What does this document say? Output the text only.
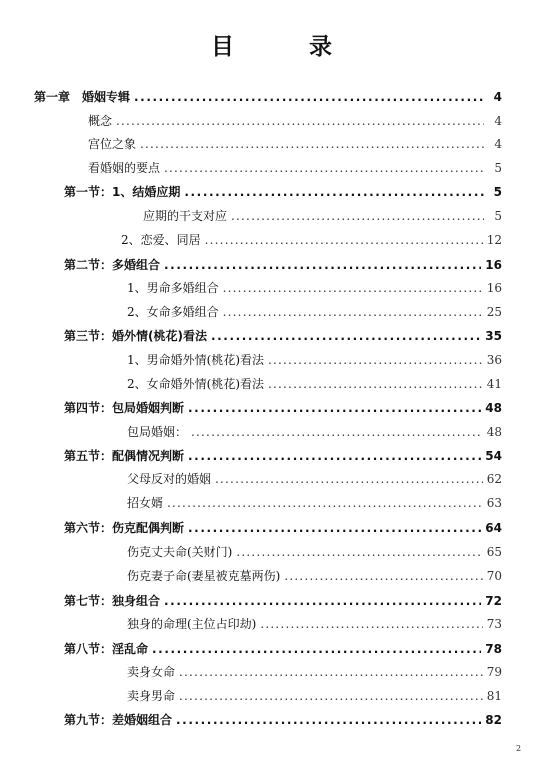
目　录
第一章　婚姻专辑 .....	4
概念 .....	4
宫位之象 .....	4
看婚姻的要点 .....	5
第一节：1、结婚应期 .....	5
应期的干支对应 .....	5
2、恋爱、同居 .....	12
第二节：多婚组合 .....	16
1、男命多婚组合 .....	16
2、女命多婚组合 .....	25
第三节：婚外情(桃花)看法 .....	35
1、男命婚外情(桃花)看法 .....	36
2、女命婚外情(桃花)看法 .....	41
第四节：包局婚姻判断 .....	48
包局婚姻： .....	48
第五节：配偶情况判断 .....	54
父母反对的婚姻 .....	62
招女婿 .....	63
第六节：伤克配偶判断 .....	64
伤克丈夫命(关财门) .....	65
伤克妻子命(妻星被克墓两伤) .....	70
第七节：独身组合 .....	72
独身的命理(主位占印劫) .....	73
第八节：淫乱命 .....	78
卖身女命 .....	79
卖身男命 .....	81
第九节：差婚姻组合 .....	82
2
